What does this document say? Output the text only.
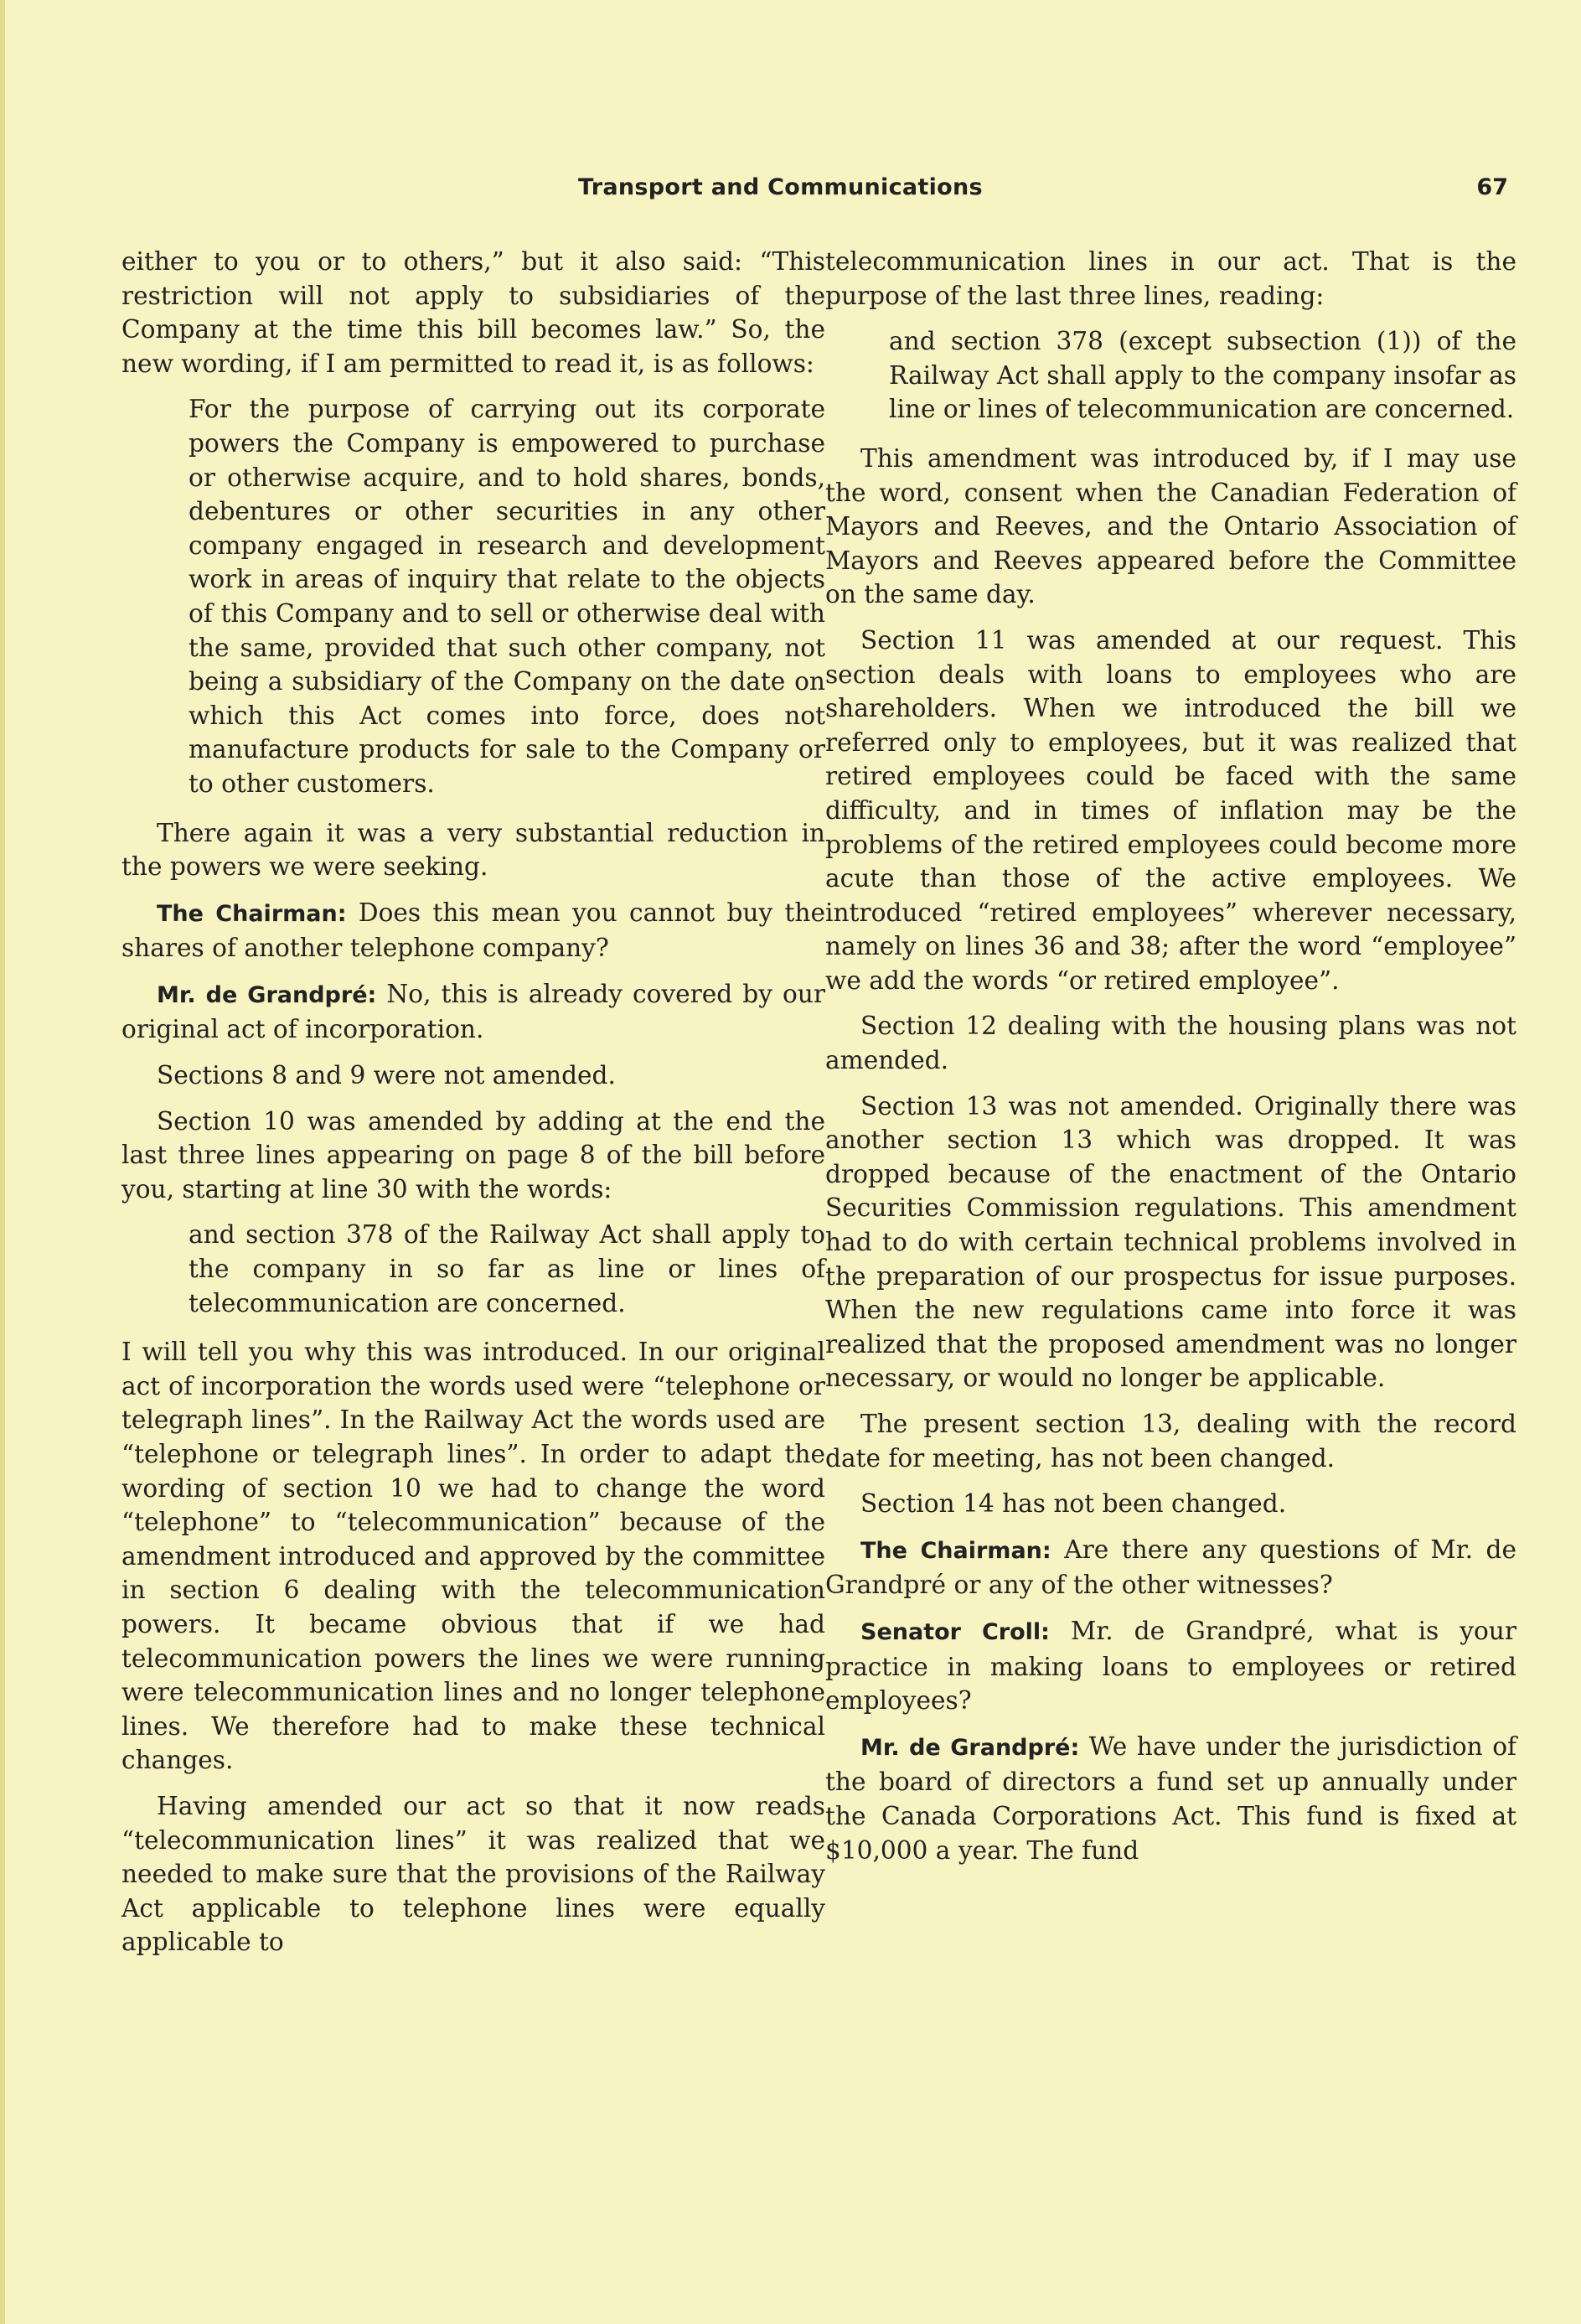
Transport and Communications	67

either to you or to others,” but it also said: “This restriction will not apply to subsidiaries of the Company at the time this bill becomes law.” So, the new wording, if I am permitted to read it, is as follows:

For the purpose of carrying out its corporate powers the Company is empowered to purchase or otherwise acquire, and to hold shares, bonds, debentures or other securities in any other company engaged in research and development work in areas of inquiry that relate to the objects of this Company and to sell or otherwise deal with the same, provided that such other company, not being a subsidiary of the Company on the date on which this Act comes into force, does not manufacture products for sale to the Company or to other customers.

There again it was a very substantial reduction in the powers we were seeking.

The Chairman: Does this mean you cannot buy the shares of another telephone company?

Mr. de Grandpré: No, this is already covered by our original act of incorporation.

Sections 8 and 9 were not amended.

Section 10 was amended by adding at the end the last three lines appearing on page 8 of the bill before you, starting at line 30 with the words:

and section 378 of the Railway Act shall apply to the company in so far as line or lines of telecommunication are concerned.

I will tell you why this was introduced. In our original act of incorporation the words used were “telephone or telegraph lines”. In the Railway Act the words used are “telephone or telegraph lines”. In order to adapt the wording of section 10 we had to change the word “telephone” to “telecommunication” because of the amendment introduced and approved by the committee in section 6 dealing with the telecommunication powers. It became obvious that if we had telecommunication powers the lines we were running were telecommunication lines and no longer telephone lines. We therefore had to make these technical changes.

Having amended our act so that it now reads “telecommunication lines” it was realized that we needed to make sure that the provisions of the Railway Act applicable to telephone lines were equally applicable to

telecommunication lines in our act. That is the purpose of the last three lines, reading:

and section 378 (except subsection (1)) of the Railway Act shall apply to the company insofar as line or lines of telecommunication are concerned.

This amendment was introduced by, if I may use the word, consent when the Canadian Federation of Mayors and Reeves, and the Ontario Association of Mayors and Reeves appeared before the Committee on the same day.

Section 11 was amended at our request. This section deals with loans to employees who are shareholders. When we introduced the bill we referred only to employees, but it was realized that retired employees could be faced with the same difficulty, and in times of inflation may be the problems of the retired employees could become more acute than those of the active employees. We introduced “retired employees” wherever necessary, namely on lines 36 and 38; after the word “employee” we add the words “or retired employee”.

Section 12 dealing with the housing plans was not amended.

Section 13 was not amended. Originally there was another section 13 which was dropped. It was dropped because of the enactment of the Ontario Securities Commission regulations. This amendment had to do with certain technical problems involved in the preparation of our prospectus for issue purposes. When the new regulations came into force it was realized that the proposed amendment was no longer necessary, or would no longer be applicable.

The present section 13, dealing with the record date for meeting, has not been changed.

Section 14 has not been changed.

The Chairman: Are there any questions of Mr. de Grandpré or any of the other witnesses?

Senator Croll: Mr. de Grandpré, what is your practice in making loans to employees or retired employees?

Mr. de Grandpré: We have under the jurisdiction of the board of directors a fund set up annually under the Canada Corporations Act. This fund is fixed at $10,000 a year. The fund
